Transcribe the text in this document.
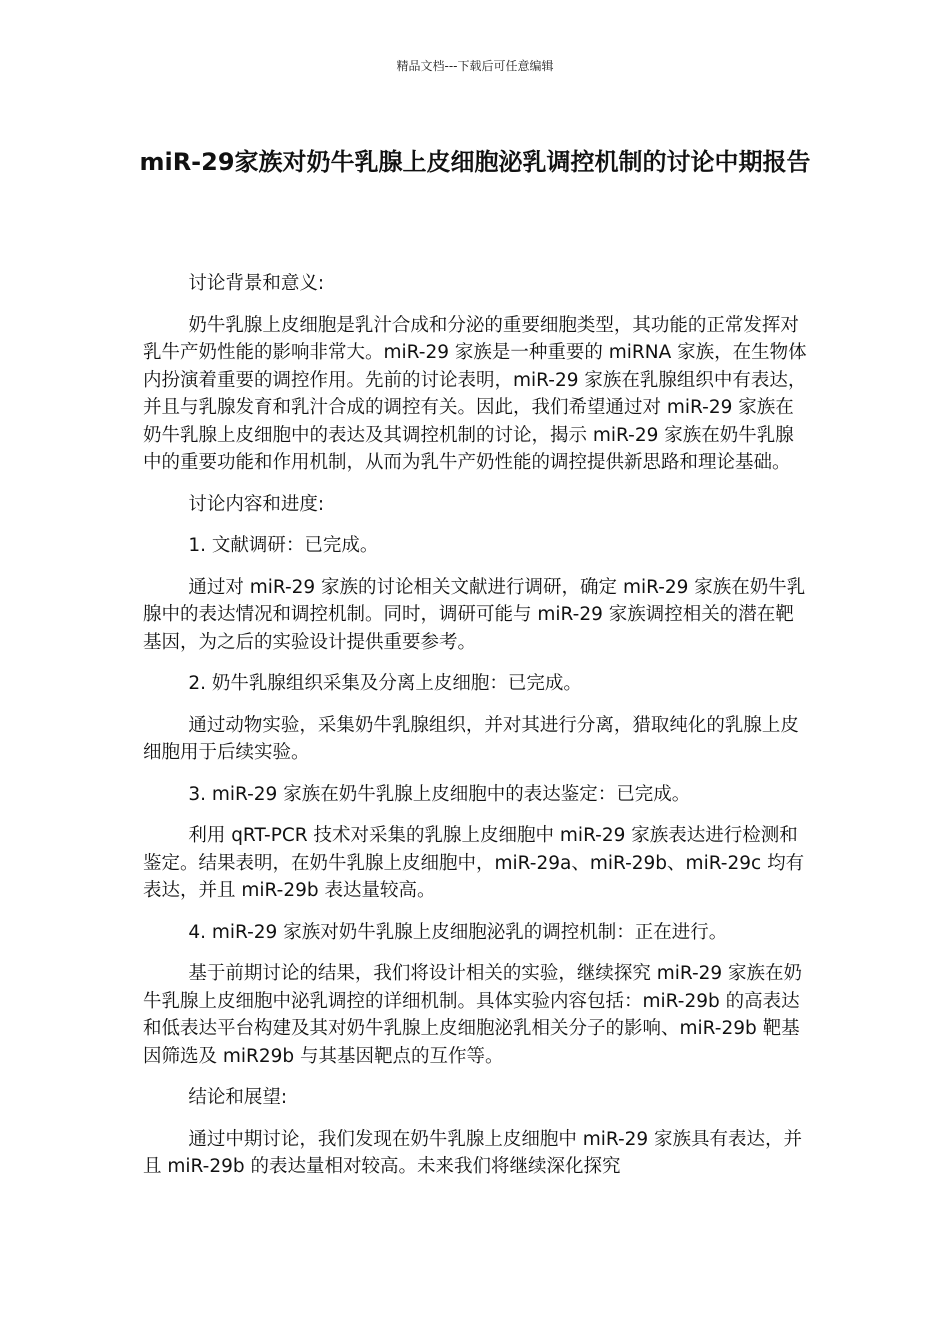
精品文档---下载后可任意编辑
miR-29家族对奶牛乳腺上皮细胞泌乳调控机制的讨论中期报告

讨论背景和意义:

奶牛乳腺上皮细胞是乳汁合成和分泌的重要细胞类型，其功能的正常发挥对乳牛产奶性能的影响非常大。miR-29 家族是一种重要的 miRNA 家族，在生物体内扮演着重要的调控作用。先前的讨论表明，miR-29 家族在乳腺组织中有表达，并且与乳腺发育和乳汁合成的调控有关。因此，我们希望通过对 miR-29 家族在奶牛乳腺上皮细胞中的表达及其调控机制的讨论，揭示 miR-29 家族在奶牛乳腺中的重要功能和作用机制，从而为乳牛产奶性能的调控提供新思路和理论基础。

讨论内容和进度:

1. 文献调研：已完成。

通过对 miR-29 家族的讨论相关文献进行调研，确定 miR-29 家族在奶牛乳腺中的表达情况和调控机制。同时，调研可能与 miR-29 家族调控相关的潜在靶基因，为之后的实验设计提供重要参考。

2. 奶牛乳腺组织采集及分离上皮细胞：已完成。

通过动物实验，采集奶牛乳腺组织，并对其进行分离，猎取纯化的乳腺上皮细胞用于后续实验。

3. miR-29 家族在奶牛乳腺上皮细胞中的表达鉴定：已完成。

利用 qRT-PCR 技术对采集的乳腺上皮细胞中 miR-29 家族表达进行检测和鉴定。结果表明，在奶牛乳腺上皮细胞中，miR-29a、miR-29b、miR-29c 均有表达，并且 miR-29b 表达量较高。

4. miR-29 家族对奶牛乳腺上皮细胞泌乳的调控机制：正在进行。

基于前期讨论的结果，我们将设计相关的实验，继续探究 miR-29 家族在奶牛乳腺上皮细胞中泌乳调控的详细机制。具体实验内容包括：miR-29b 的高表达和低表达平台构建及其对奶牛乳腺上皮细胞泌乳相关分子的影响、miR-29b 靶基因筛选及 miR29b 与其基因靶点的互作等。

结论和展望:

通过中期讨论，我们发现在奶牛乳腺上皮细胞中 miR-29 家族具有表达，并且 miR-29b 的表达量相对较高。未来我们将继续深化探究
